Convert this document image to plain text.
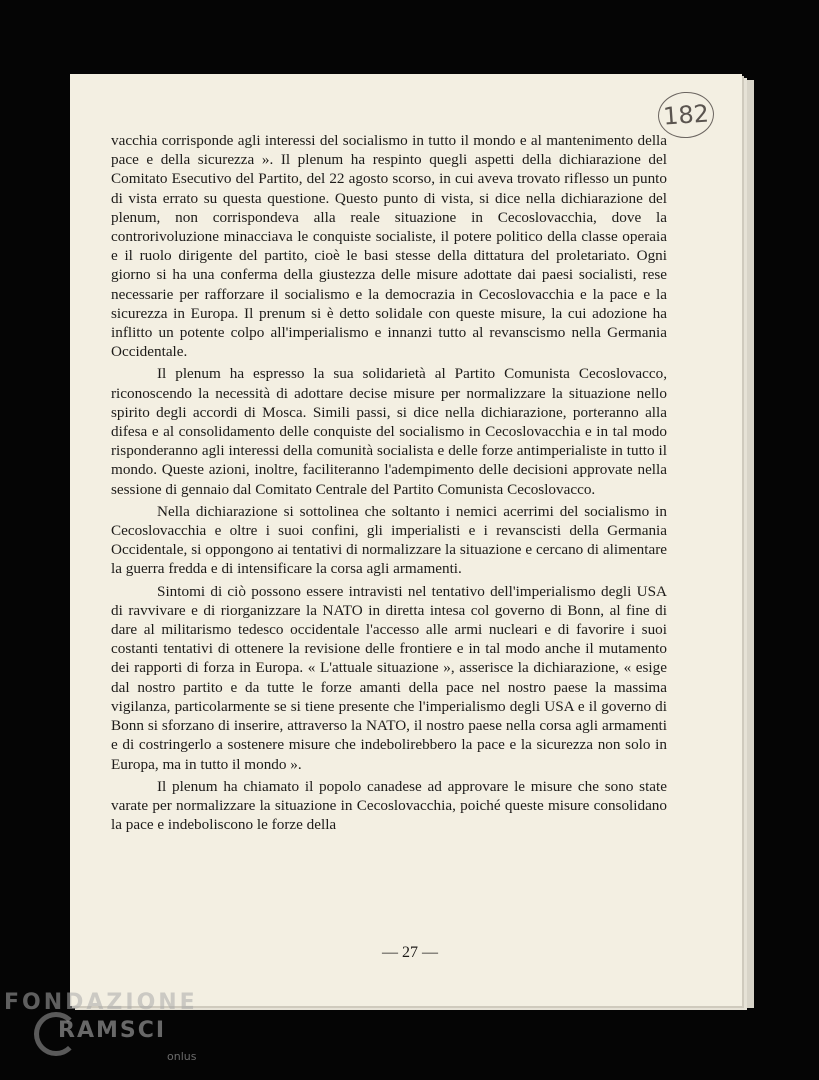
182

vacchia corrisponde agli interessi del socialismo in tutto il mondo e al mantenimento della pace e della sicurezza ». Il plenum ha respinto quegli aspetti della dichiarazione del Comitato Esecutivo del Partito, del 22 agosto scorso, in cui aveva trovato riflesso un punto di vista errato su questa questione. Questo punto di vista, si dice nella dichiarazione del plenum, non corrispondeva alla reale situazione in Cecoslovacchia, dove la controrivoluzione minacciava le conquiste socialiste, il potere politico della classe operaia e il ruolo dirigente del partito, cioè le basi stesse della dittatura del proletariato. Ogni giorno si ha una conferma della giustezza delle misure adottate dai paesi socialisti, rese necessarie per rafforzare il socialismo e la democrazia in Cecoslovacchia e la pace e la sicurezza in Europa. Il prenum si è detto solidale con queste misure, la cui adozione ha inflitto un potente colpo all'imperialismo e innanzi tutto al revanscismo nella Germania Occidentale.

Il plenum ha espresso la sua solidarietà al Partito Comunista Cecoslovacco, riconoscendo la necessità di adottare decise misure per normalizzare la situazione nello spirito degli accordi di Mosca. Simili passi, si dice nella dichiarazione, porteranno alla difesa e al consolidamento delle conquiste del socialismo in Cecoslovacchia e in tal modo risponderanno agli interessi della comunità socialista e delle forze antimperialiste in tutto il mondo. Queste azioni, inoltre, faciliteranno l'adempimento delle decisioni approvate nella sessione di gennaio dal Comitato Centrale del Partito Comunista Cecoslovacco.

Nella dichiarazione si sottolinea che soltanto i nemici acerrimi del socialismo in Cecoslovacchia e oltre i suoi confini, gli imperialisti e i revanscisti della Germania Occidentale, si oppongono ai tentativi di normalizzare la situazione e cercano di alimentare la guerra fredda e di intensificare la corsa agli armamenti.

Sintomi di ciò possono essere intravisti nel tentativo dell'imperialismo degli USA di ravvivare e di riorganizzare la NATO in diretta intesa col governo di Bonn, al fine di dare al militarismo tedesco occidentale l'accesso alle armi nucleari e di favorire i suoi costanti tentativi di ottenere la revisione delle frontiere e in tal modo anche il mutamento dei rapporti di forza in Europa. « L'attuale situazione », asserisce la dichiarazione, « esige dal nostro partito e da tutte le forze amanti della pace nel nostro paese la massima vigilanza, particolarmente se si tiene presente che l'imperialismo degli USA e il governo di Bonn si sforzano di inserire, attraverso la NATO, il nostro paese nella corsa agli armamenti e di costringerlo a sostenere misure che indebolirebbero la pace e la sicurezza non solo in Europa, ma in tutto il mondo ».

Il plenum ha chiamato il popolo canadese ad approvare le misure che sono state varate per normalizzare la situazione in Cecoslovacchia, poiché queste misure consolidano la pace e indeboliscono le forze della

— 27 —
FONDAZIONE
RAMSCI
onlus
